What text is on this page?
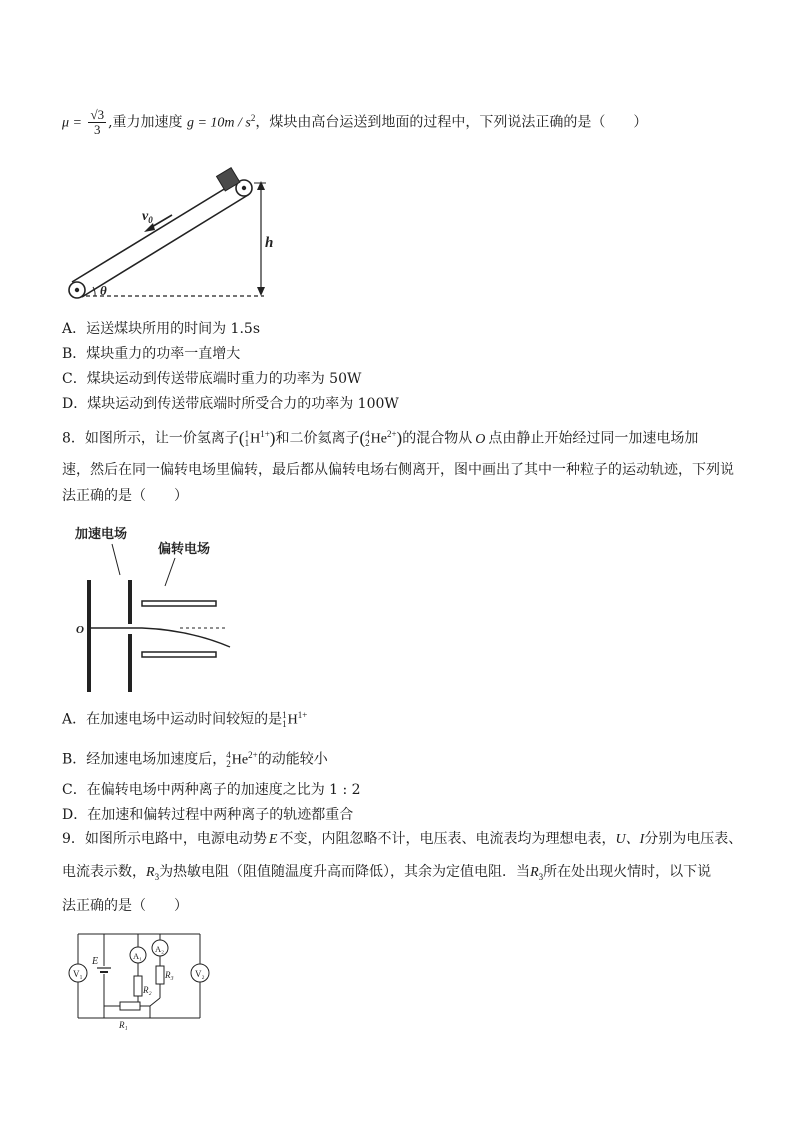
$\mu = \frac{√3}{3}$ ,重力加速度 $g = 10m / s^2$，煤块由高台运送到地面的过程中，下列说法正确的是（　　）
$v_0$
h
θ
A．运送煤块所用的时间为 1.5s
B．煤块重力的功率一直增大
C．煤块运动到传送带底端时重力的功率为 50W
D．煤块运动到传送带底端时所受合力的功率为 100W
8．如图所示，让一价氢离子( 1
1 $H^{1+}$)和二价氦离子( 4
2 $He^{2+}$)的混合物从 O 点由静止开始经过同一加速电场加
速，然后在同一偏转电场里偏转，最后都从偏转电场右侧离开，图中画出了其中一种粒子的运动轨迹，下列说
法正确的是（　　）
加速电场
偏转电场
O
A．在加速电场中运动时间较短的是 1
1 $H^{1+}$
B．经加速电场加速度后， 4
2 $He^{2+}$的动能较小
C．在偏转电场中两种离子的加速度之比为 1 : 2
D．在加速和偏转过程中两种离子的轨迹都重合
9．如图所示电路中，电源电动势 E 不变，内阻忽略不计，电压表、电流表均为理想电表，U、I分别为电压表、
电流表示数，$R_3$为热敏电阻（阻值随温度升高而降低），其余为定值电阻．当$R_3$所在处出现火情时，以下说
法正确的是（　　）
E
V₁	V₂
A₁
A₂
R₂
R₃
R₁
